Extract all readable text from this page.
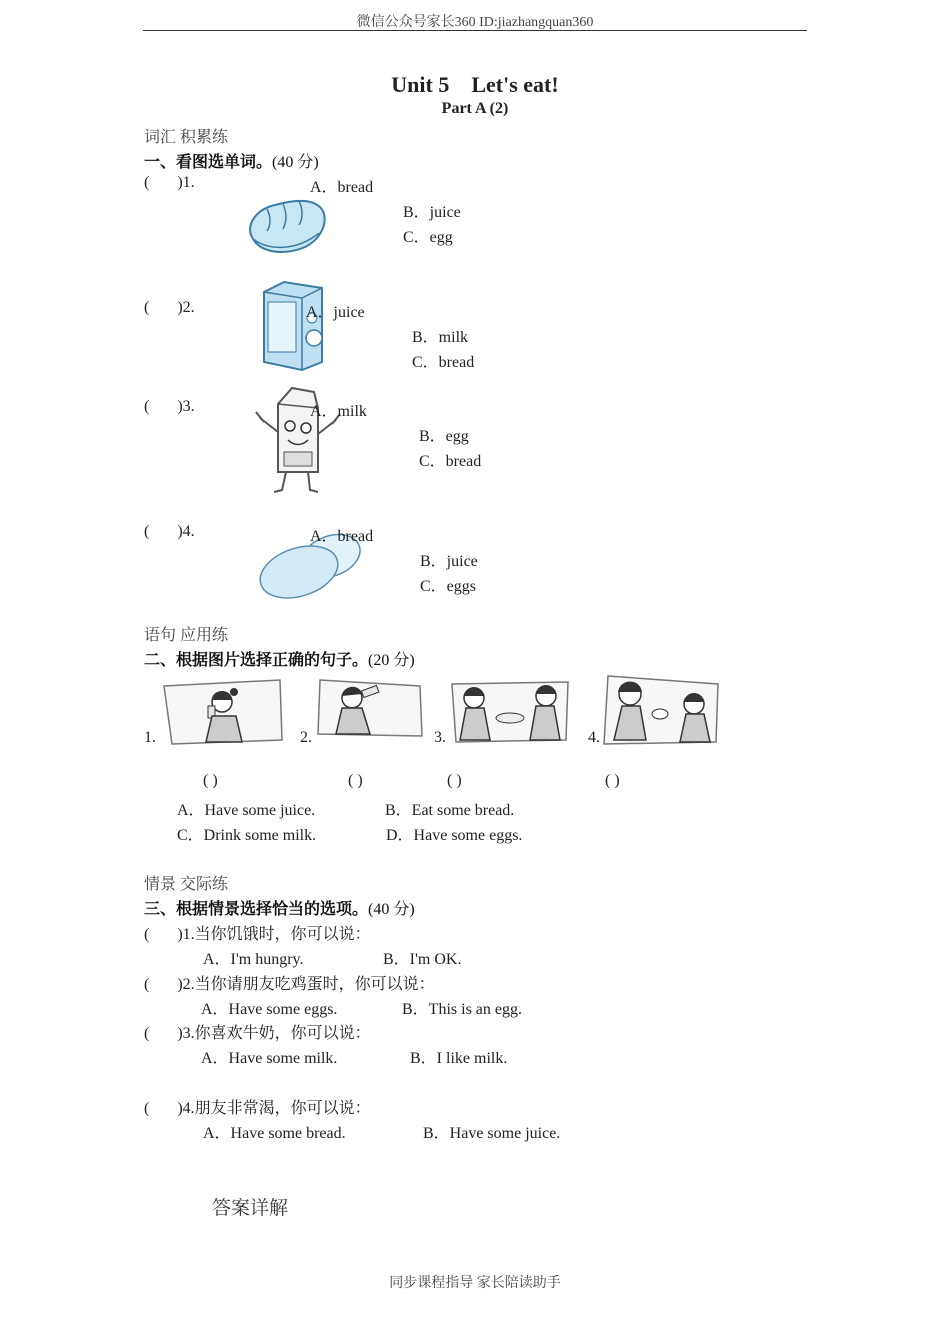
微信公众号家长360 ID:jiazhangquan360
Unit 5    Let's eat!
Part A (2)
词汇 积累练
一、看图选单词。(40 分)
(       )1.	A．bread
B．juice
C．egg
(       )2.	A．juice
B．milk
C．bread
(       )3.	A．milk
B．egg
C．bread
(       )4.	A．bread
B．juice
C．eggs
语句 应用练
二、根据图片选择正确的句子。(20 分)
1.	2.	3.	4.
( )	( )	( )	( )
A．Have some juice.	B．Eat some bread.
C．Drink some milk.	D．Have some eggs.
情景 交际练
三、根据情景选择恰当的选项。(40 分)
(       )1.当你饥饿时，你可以说：
A．I'm hungry.	B．I'm OK.
(       )2.当你请朋友吃鸡蛋时，你可以说：
A．Have some eggs.	B．This is an egg.
(       )3.你喜欢牛奶，你可以说：
A．Have some milk.	B．I like milk.
(       )4.朋友非常渴，你可以说：
A．Have some bread.	B．Have some juice.
答案详解
同步课程指导 家长陪读助手
